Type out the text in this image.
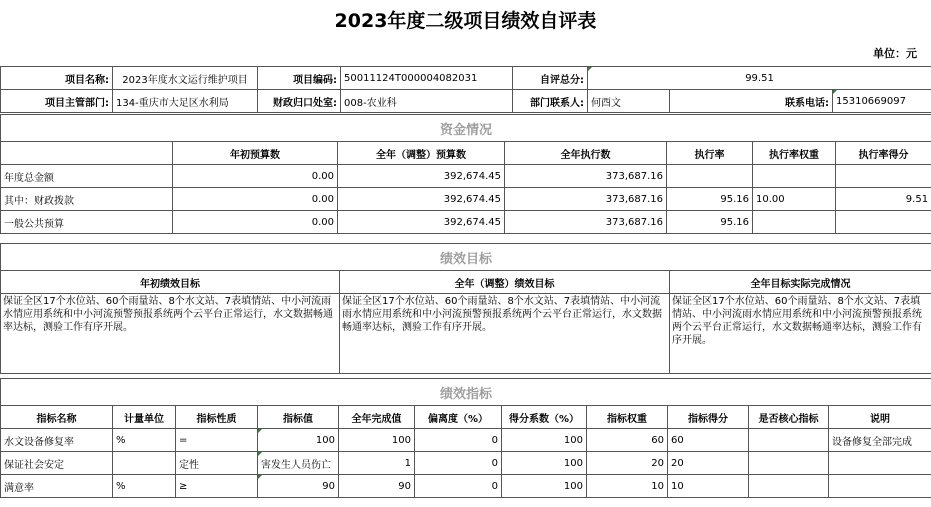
2023年度二级项目绩效自评表
单位：元
项目名称:	2023年度水文运行维护项目	项目编码:	50011124T000004082031	自评总分:	99.51		
项目主管部门:	134-重庆市大足区水利局	财政归口处室:	008-农业科	部门联系人:	何酉文	联系电话:	15310669097
资金情况						
	年初预算数	全年（调整）预算数	全年执行数	执行率	执行率权重	执行率得分
年度总金额	0.00	392,674.45	373,687.16			
其中：财政拨款	0.00	392,674.45	373,687.16	95.16	10.00	9.51
一般公共预算	0.00	392,674.45	373,687.16	95.16		
绩效目标		
年初绩效目标	全年（调整）绩效目标	全年目标实际完成情况
保证全区17个水位站、60个雨量站、8个水文站、7表填情站、中小河流雨水情应用系统和中小河流预警预报系统两个云平台正常运行，水文数据畅通率达标，测验工作有序开展。	保证全区17个水位站、60个雨量站、8个水文站、7表填情站、中小河流雨水情应用系统和中小河流预警预报系统两个云平台正常运行，水文数据畅通率达标，测验工作有序开展。	保证全区17个水位站、60个雨量站、8个水文站、7表填情站、中小河流雨水情应用系统和中小河流预警预报系统两个云平台正常运行，水文数据畅通率达标，测验工作有序开展。
绩效指标										
指标名称	计量单位	指标性质	指标值	全年完成值	偏离度（%）	得分系数（%）	指标权重	指标得分	是否核心指标	说明
水文设备修复率	%	=	100	100	0	100	60	60		设备修复全部完成
保证社会安定		定性	害发生人员伤亡	1	0	100	20	20		
满意率	%	≥	90	90	0	100	10	10		
